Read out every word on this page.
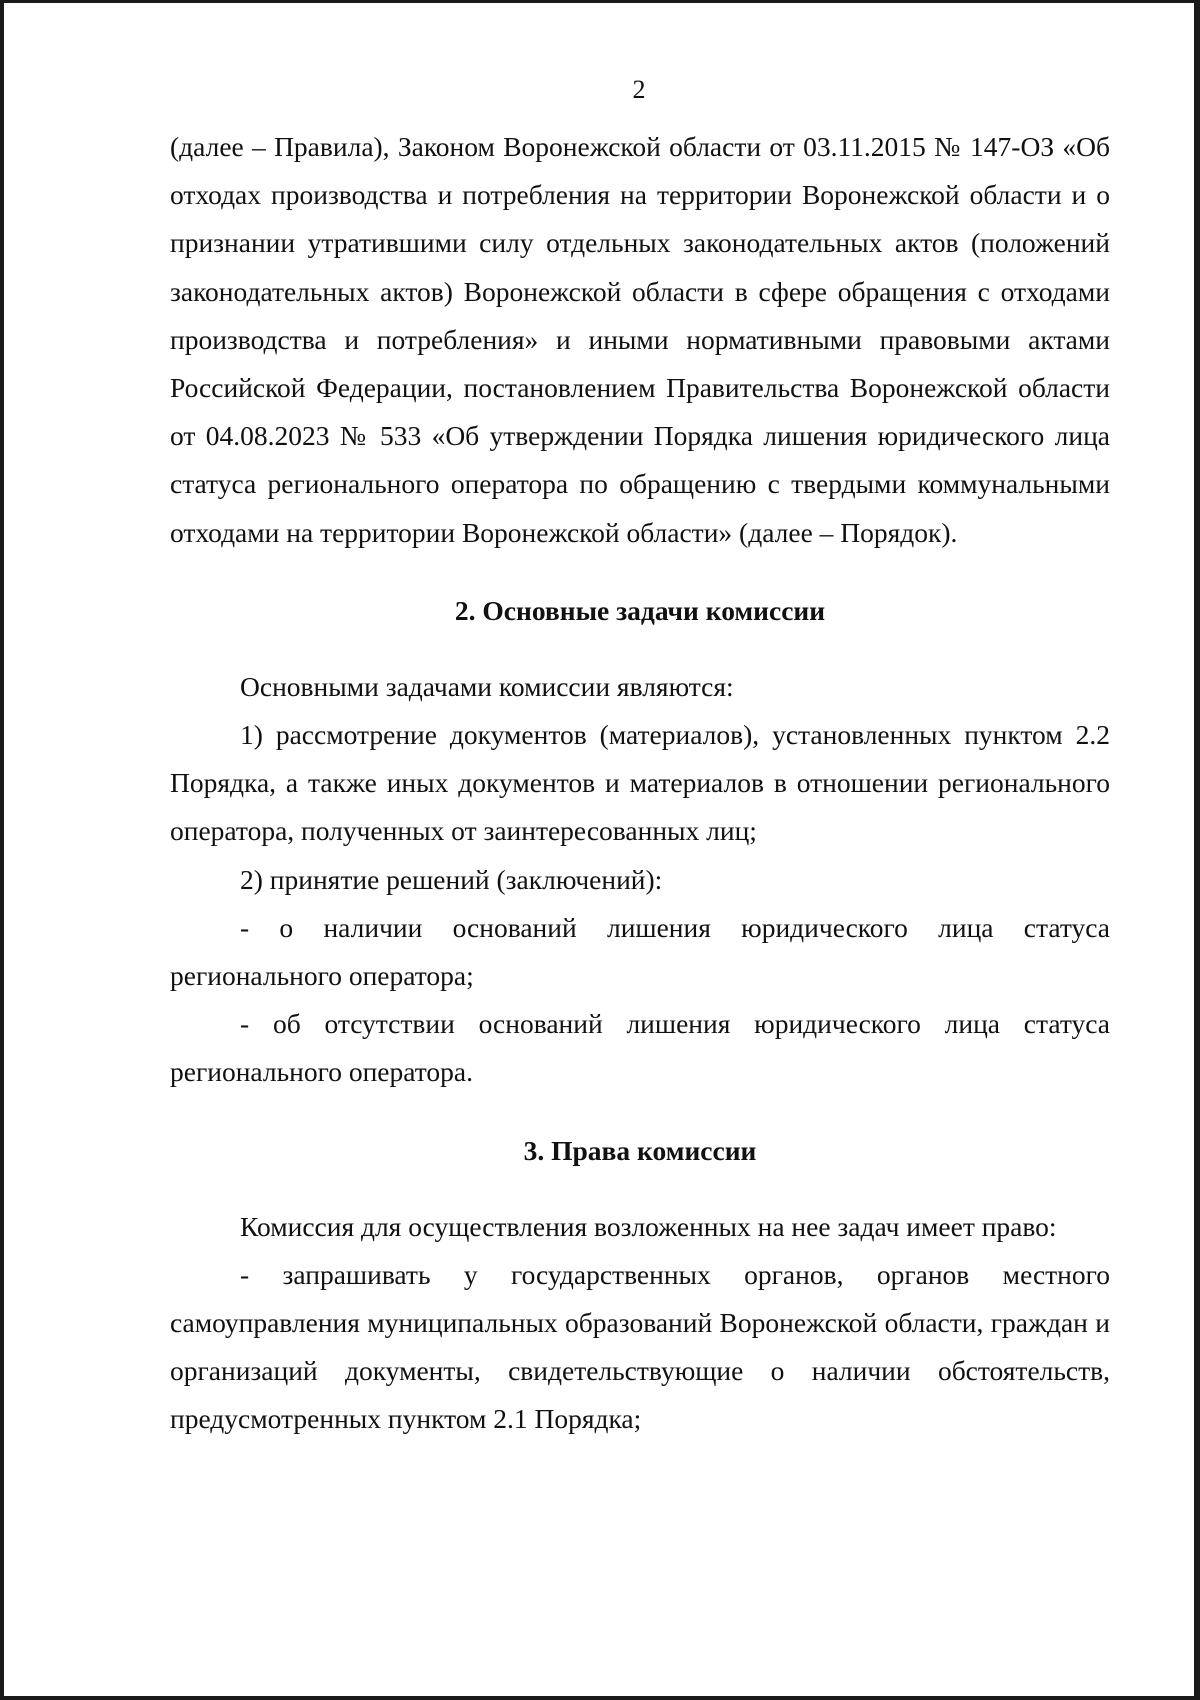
2

(далее – Правила), Законом Воронежской области от 03.11.2015 № 147-ОЗ «Об отходах производства и потребления на территории Воронежской области и о признании утратившими силу отдельных законодательных актов (положений законодательных актов) Воронежской области в сфере обращения с отходами производства и потребления» и иными нормативными правовыми актами Российской Федерации, постановлением Правительства Воронежской области от 04.08.2023 № 533 «Об утверждении Порядка лишения юридического лица статуса регионального оператора по обращению с твердыми коммунальными отходами на территории Воронежской области» (далее – Порядок).

2. Основные задачи комиссии

Основными задачами комиссии являются:

1) рассмотрение документов (материалов), установленных пунктом 2.2 Порядка, а также иных документов и материалов в отношении регионального оператора, полученных от заинтересованных лиц;

2) принятие решений (заключений):

- о наличии оснований лишения юридического лица статуса регионального оператора;

- об отсутствии оснований лишения юридического лица статуса регионального оператора.

3. Права комиссии

Комиссия для осуществления возложенных на нее задач имеет право:

- запрашивать у государственных органов, органов местного самоуправления муниципальных образований Воронежской области, граждан и организаций документы, свидетельствующие о наличии обстоятельств, предусмотренных пунктом 2.1 Порядка;
